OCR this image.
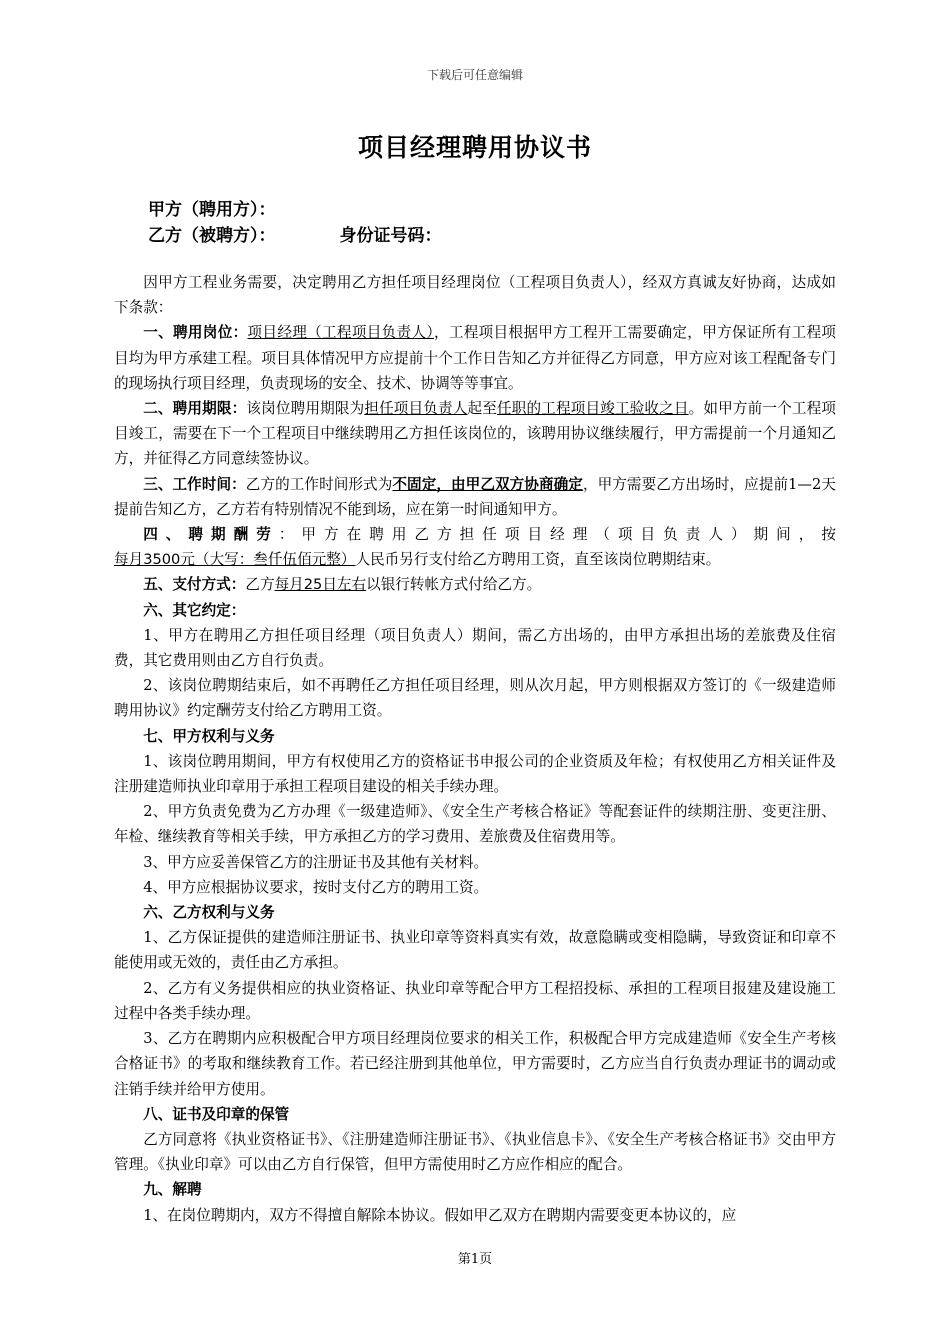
下载后可任意编辑
项目经理聘用协议书
甲方（聘用方）：
乙方（被聘方）：	身份证号码：

因甲方工程业务需要，决定聘用乙方担任项目经理岗位（工程项目负责人），经双方真诚友好协商，达成如下条款：

一、聘用岗位：项目经理（工程项目负责人），工程项目根据甲方工程开工需要确定，甲方保证所有工程项目均为甲方承建工程。项目具体情况甲方应提前十个工作日告知乙方并征得乙方同意，甲方应对该工程配备专门的现场执行项目经理，负责现场的安全、技术、协调等等事宜。

二、聘用期限：该岗位聘用期限为担任项目负责人起至任职的工程项目竣工验收之日。如甲方前一个工程项目竣工，需要在下一个工程项目中继续聘用乙方担任该岗位的，该聘用协议继续履行，甲方需提前一个月通知乙方，并征得乙方同意续签协议。

三、工作时间：乙方的工作时间形式为不固定，由甲乙双方协商确定，甲方需要乙方出场时，应提前1—2天提前告知乙方，乙方若有特别情况不能到场，应在第一时间通知甲方。

四、聘期酬劳：甲方在聘用乙方担任项目经理（项目负责人）期间，按每月3500元（大写：叁仟伍佰元整）人民币另行支付给乙方聘用工资，直至该岗位聘期结束。

五、支付方式：乙方每月25日左右以银行转帐方式付给乙方。

六、其它约定：

1、甲方在聘用乙方担任项目经理（项目负责人）期间，需乙方出场的，由甲方承担出场的差旅费及住宿费，其它费用则由乙方自行负责。

2、该岗位聘期结束后，如不再聘任乙方担任项目经理，则从次月起，甲方则根据双方签订的《一级建造师聘用协议》约定酬劳支付给乙方聘用工资。

七、甲方权利与义务

1、该岗位聘用期间，甲方有权使用乙方的资格证书申报公司的企业资质及年检；有权使用乙方相关证件及注册建造师执业印章用于承担工程项目建设的相关手续办理。

2、甲方负责免费为乙方办理《一级建造师》、《安全生产考核合格证》等配套证件的续期注册、变更注册、年检、继续教育等相关手续，甲方承担乙方的学习费用、差旅费及住宿费用等。

3、甲方应妥善保管乙方的注册证书及其他有关材料。

4、甲方应根据协议要求，按时支付乙方的聘用工资。

六、乙方权利与义务

1、乙方保证提供的建造师注册证书、执业印章等资料真实有效，故意隐瞒或变相隐瞒，导致资证和印章不能使用或无效的，责任由乙方承担。

2、乙方有义务提供相应的执业资格证、执业印章等配合甲方工程招投标、承担的工程项目报建及建设施工过程中各类手续办理。

3、乙方在聘期内应积极配合甲方项目经理岗位要求的相关工作，积极配合甲方完成建造师《安全生产考核合格证书》的考取和继续教育工作。若已经注册到其他单位，甲方需要时，乙方应当自行负责办理证书的调动或注销手续并给甲方使用。

八、证书及印章的保管

乙方同意将《执业资格证书》、《注册建造师注册证书》、《执业信息卡》、《安全生产考核合格证书》交由甲方管理。《执业印章》可以由乙方自行保管，但甲方需使用时乙方应作相应的配合。

九、解聘

1、在岗位聘期内，双方不得擅自解除本协议。假如甲乙双方在聘期内需要变更本协议的，应

第1页
